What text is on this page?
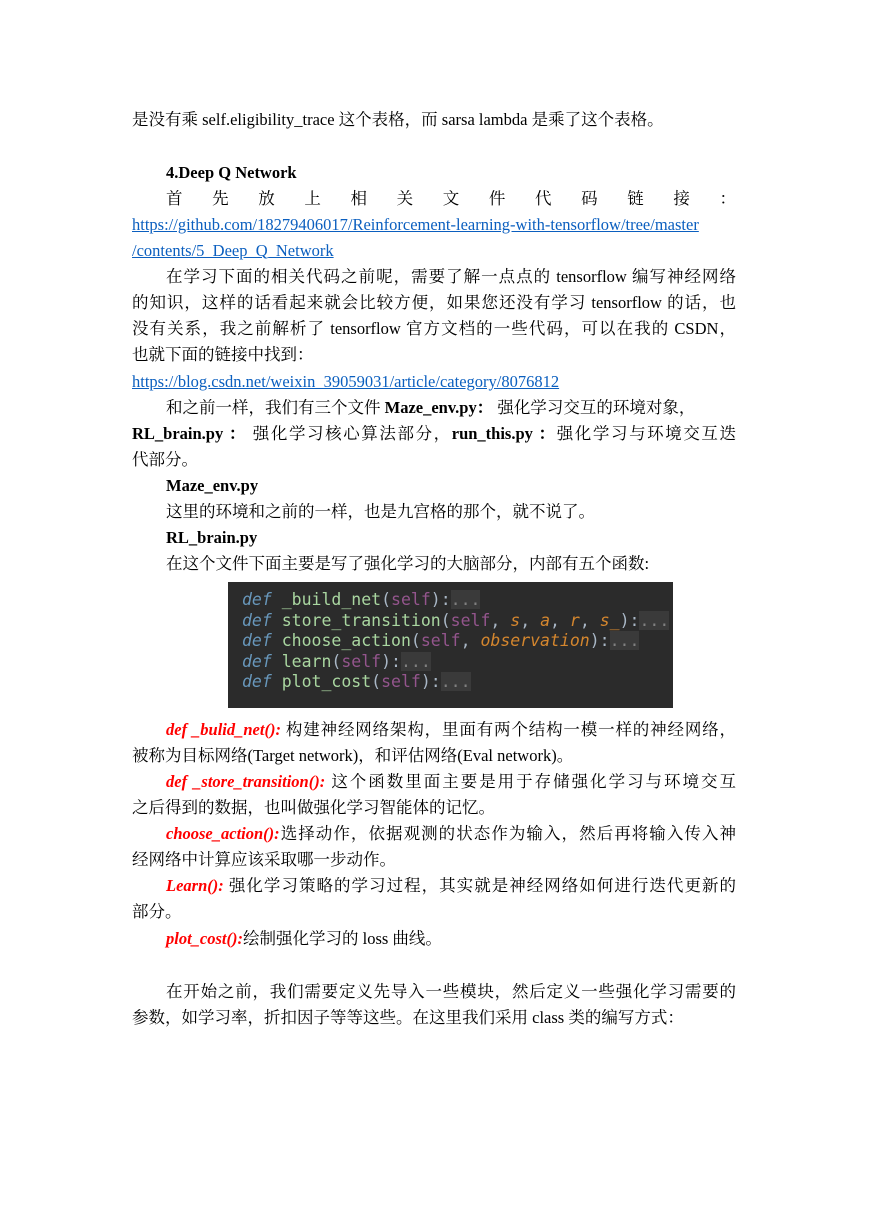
是没有乘 self.eligibility_trace 这个表格，而 sarsa lambda 是乘了这个表格。
4.Deep Q Network
首 先 放 上 相 关 文 件 代 码 链 接 ：
https://github.com/18279406017/Reinforcement-learning-with-tensorflow/tree/master
/contents/5_Deep_Q_Network
在学习下面的相关代码之前呢，需要了解一点点的 tensorflow 编写神经网络
的知识，这样的话看起来就会比较方便，如果您还没有学习 tensorflow 的话，也
没有关系，我之前解析了 tensorflow 官方文档的一些代码，可以在我的 CSDN，
也就下面的链接中找到：
https://blog.csdn.net/weixin_39059031/article/category/8076812
和之前一样，我们有三个文件 Maze_env.py： 强化学习交互的环境对象，
RL_brain.py ： 强化学习核心算法部分，run_this.py ：强化学习与环境交互迭
代部分。
Maze_env.py
这里的环境和之前的一样，也是九宫格的那个，就不说了。
RL_brain.py
在这个文件下面主要是写了强化学习的大脑部分，内部有五个函数:
def _build_net(self):...
def store_transition(self, s, a, r, s_):...
def choose_action(self, observation):...
def learn(self):...
def plot_cost(self):...
def _bulid_net(): 构建神经网络架构，里面有两个结构一模一样的神经网络，
被称为目标网络(Target network)，和评估网络(Eval network)。
def _store_transition(): 这个函数里面主要是用于存储强化学习与环境交互
之后得到的数据，也叫做强化学习智能体的记忆。
choose_action():选择动作，依据观测的状态作为输入，然后再将输入传入神
经网络中计算应该采取哪一步动作。
Learn(): 强化学习策略的学习过程，其实就是神经网络如何进行迭代更新的
部分。
plot_cost():绘制强化学习的 loss 曲线。
在开始之前，我们需要定义先导入一些模块，然后定义一些强化学习需要的
参数，如学习率，折扣因子等等这些。在这里我们采用 class 类的编写方式：
